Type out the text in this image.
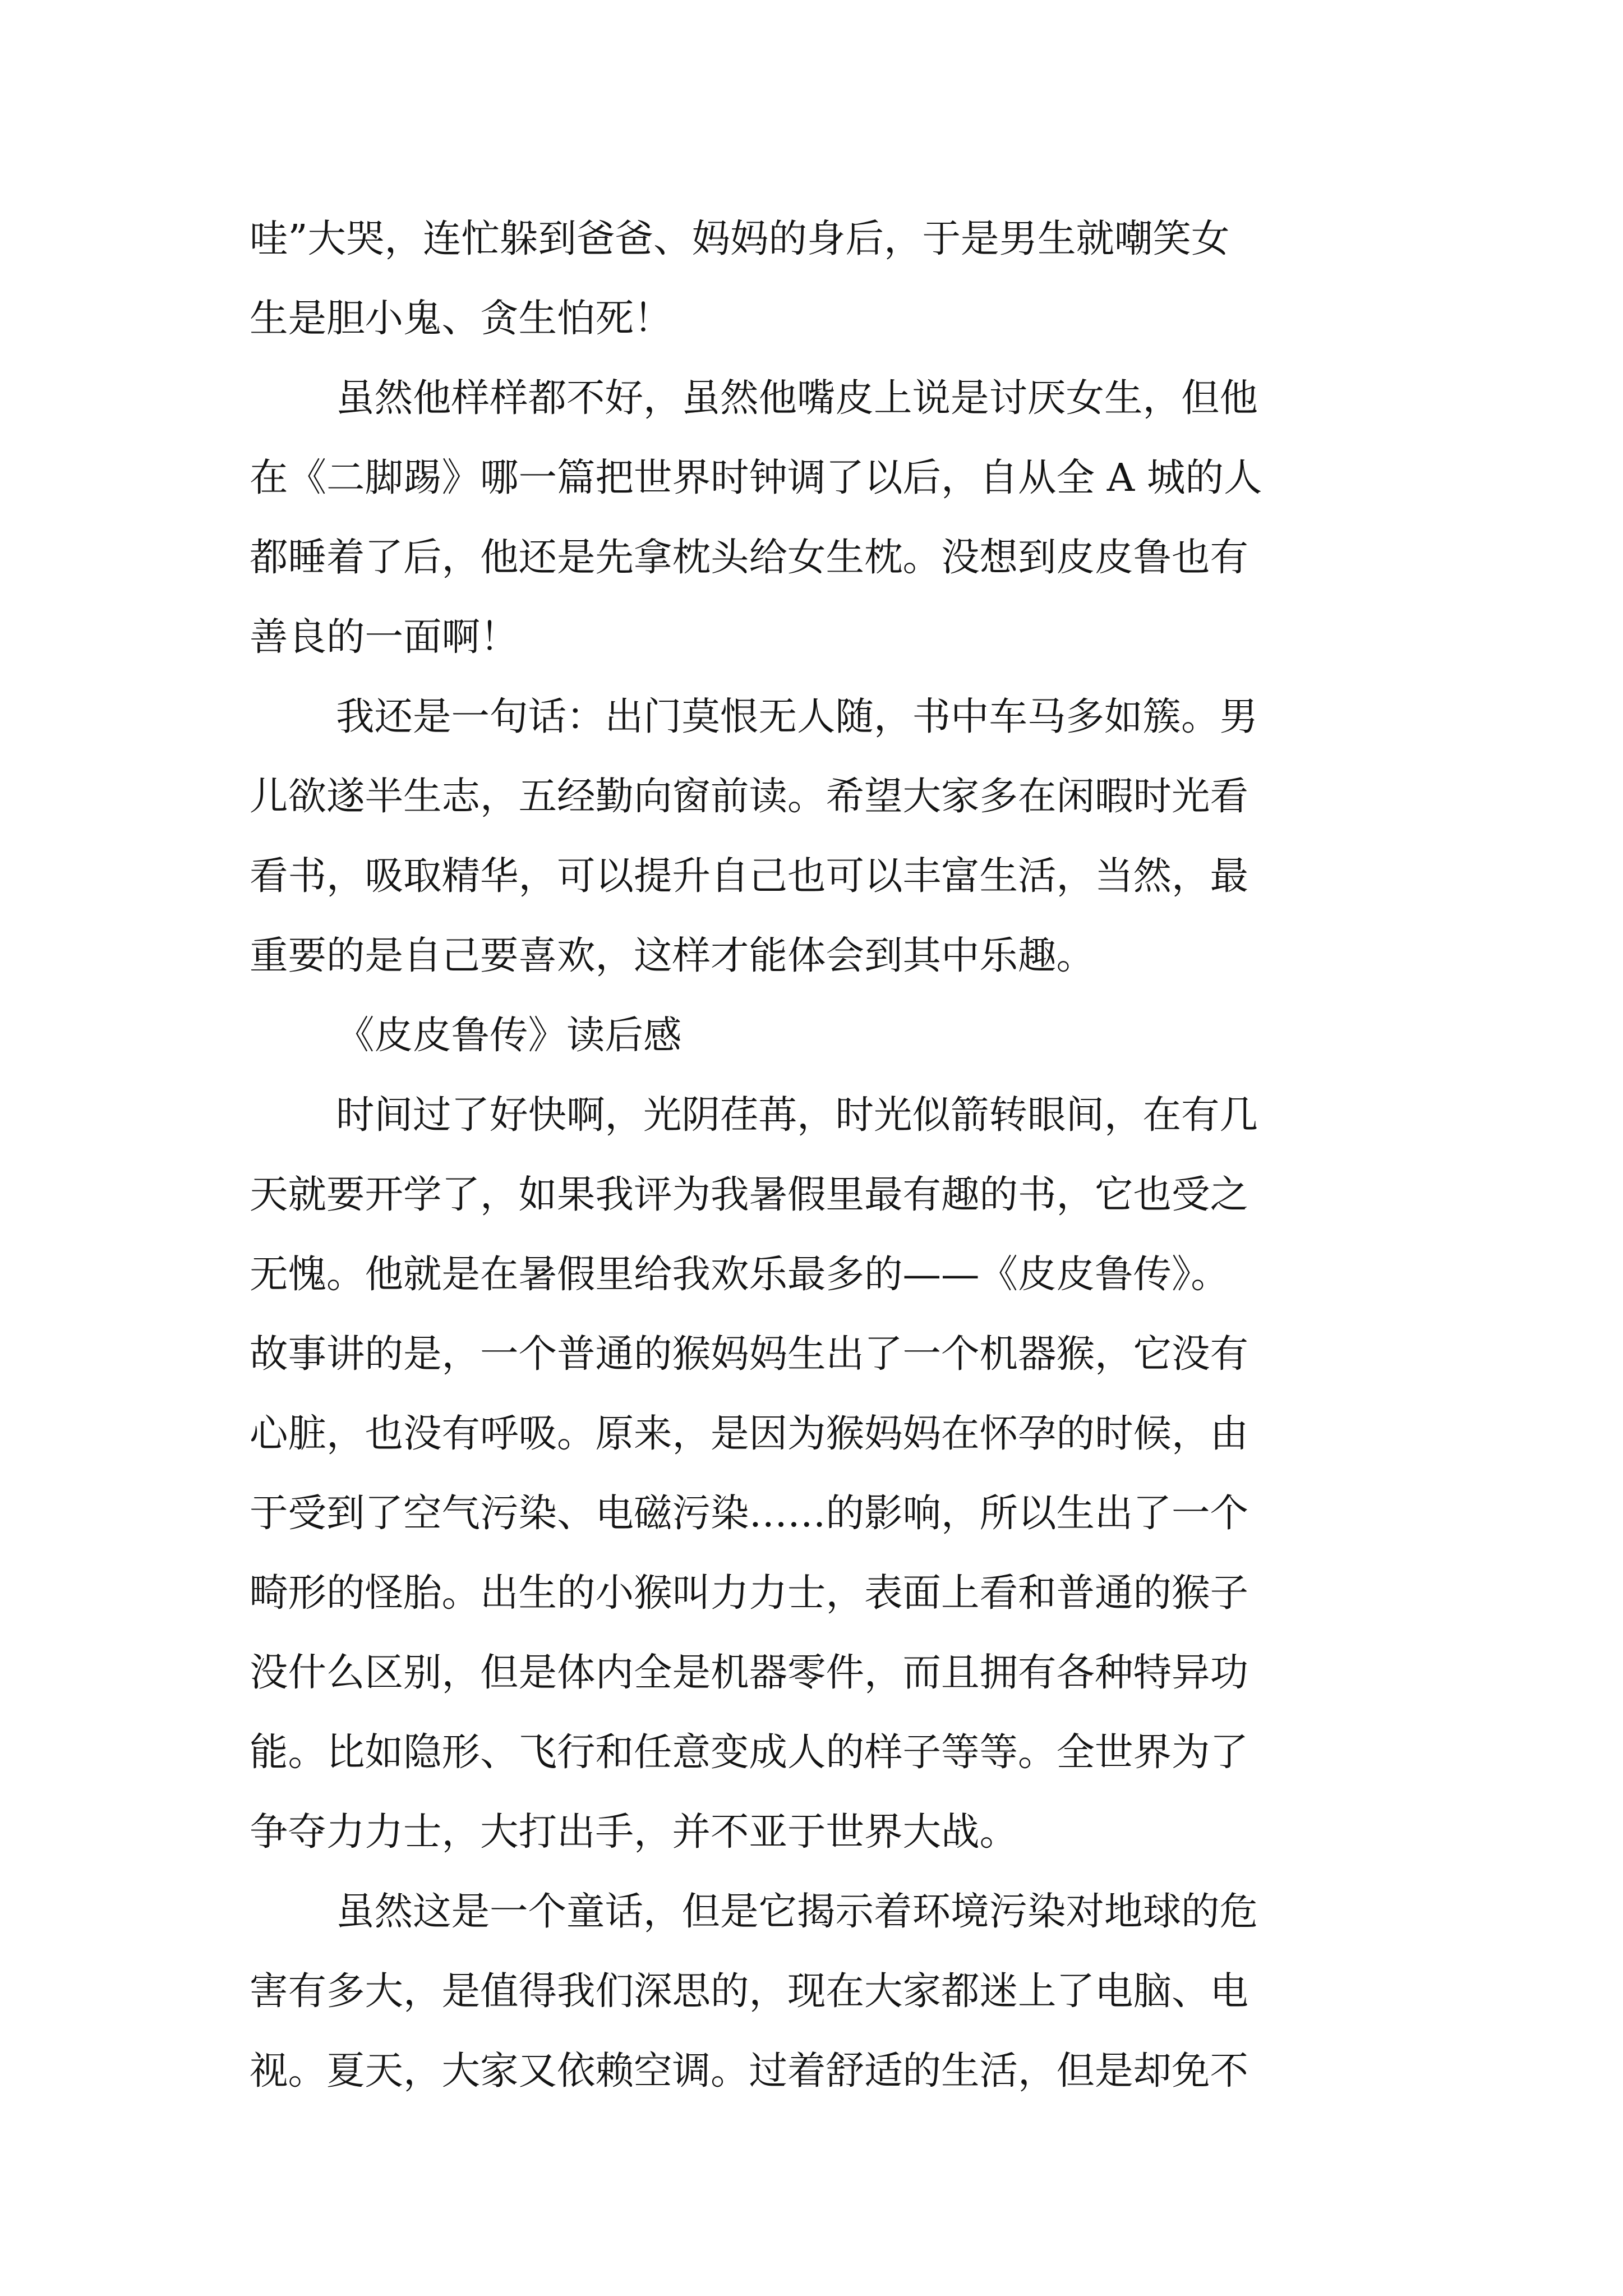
哇”大哭，连忙躲到爸爸、妈妈的身后，于是男生就嘲笑女
生是胆小鬼、贪生怕死！
虽然他样样都不好，虽然他嘴皮上说是讨厌女生，但他
在《二脚踢》哪一篇把世界时钟调了以后，自从全 A 城的人
都睡着了后，他还是先拿枕头给女生枕。没想到皮皮鲁也有
善良的一面啊！
我还是一句话：出门莫恨无人随，书中车马多如簇。男
儿欲遂半生志，五经勤向窗前读。希望大家多在闲暇时光看
看书，吸取精华，可以提升自己也可以丰富生活，当然，最
重要的是自己要喜欢，这样才能体会到其中乐趣。
《皮皮鲁传》读后感
时间过了好快啊，光阴荏苒，时光似箭转眼间，在有几
天就要开学了，如果我评为我暑假里最有趣的书，它也受之
无愧。他就是在暑假里给我欢乐最多的——《皮皮鲁传》。
故事讲的是，一个普通的猴妈妈生出了一个机器猴，它没有
心脏，也没有呼吸。原来，是因为猴妈妈在怀孕的时候，由
于受到了空气污染、电磁污染……的影响，所以生出了一个
畸形的怪胎。出生的小猴叫力力士，表面上看和普通的猴子
没什么区别，但是体内全是机器零件，而且拥有各种特异功
能。比如隐形、飞行和任意变成人的样子等等。全世界为了
争夺力力士，大打出手，并不亚于世界大战。
虽然这是一个童话，但是它揭示着环境污染对地球的危
害有多大，是值得我们深思的，现在大家都迷上了电脑、电
视。夏天，大家又依赖空调。过着舒适的生活，但是却免不
